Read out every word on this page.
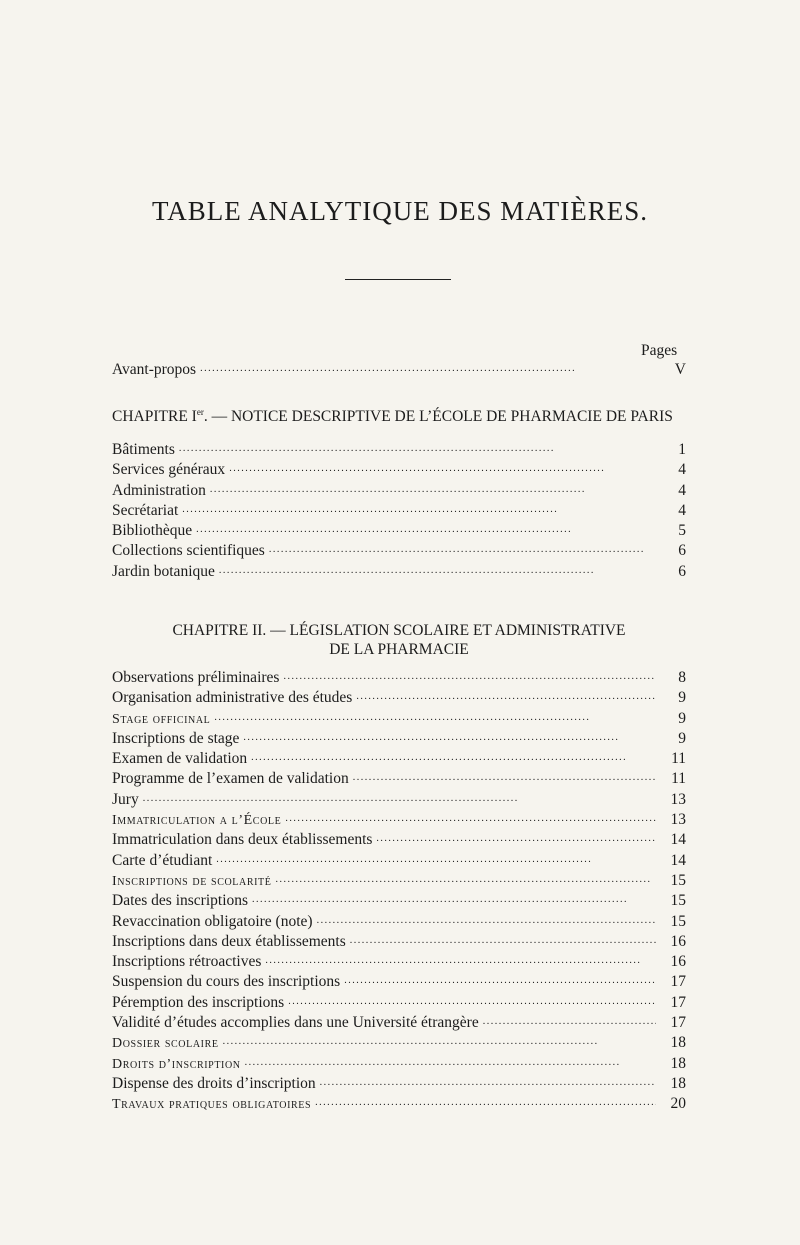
TABLE ANALYTIQUE DES MATIÈRES.
Pages
Avant-propos . . .	V
CHAPITRE Ier. — NOTICE DESCRIPTIVE DE L’ÉCOLE DE PHARMACIE DE PARIS
Bâtiments . . .	1
Services généraux . . .	4
Administration . . .	4
Secrétariat . . .	4
Bibliothèque . . .	5
Collections scientifiques . . .	6
Jardin botanique . . .	6
CHAPITRE II. — LÉGISLATION SCOLAIRE ET ADMINISTRATIVE
DE LA PHARMACIE
Observations préliminaires . . .	8
Organisation administrative des études . . .	9
Stage officinal . . .	9
Inscriptions de stage . . .	9
Examen de validation . . .	11
Programme de l’examen de validation . . .	11
Jury . . .	13
Immatriculation a l’École . . .	13
Immatriculation dans deux établissements . . .	14
Carte d’étudiant . . .	14
Inscriptions de scolarité . . .	15
Dates des inscriptions . . .	15
Revaccination obligatoire (note) . . .	15
Inscriptions dans deux établissements . . .	16
Inscriptions rétroactives . . .	16
Suspension du cours des inscriptions . . .	17
Péremption des inscriptions . . .	17
Validité d’études accomplies dans une Université étrangère . . .	17
Dossier scolaire . . .	18
Droits d’inscription . . .	18
Dispense des droits d’inscription . . .	18
Travaux pratiques obligatoires . . .	20
